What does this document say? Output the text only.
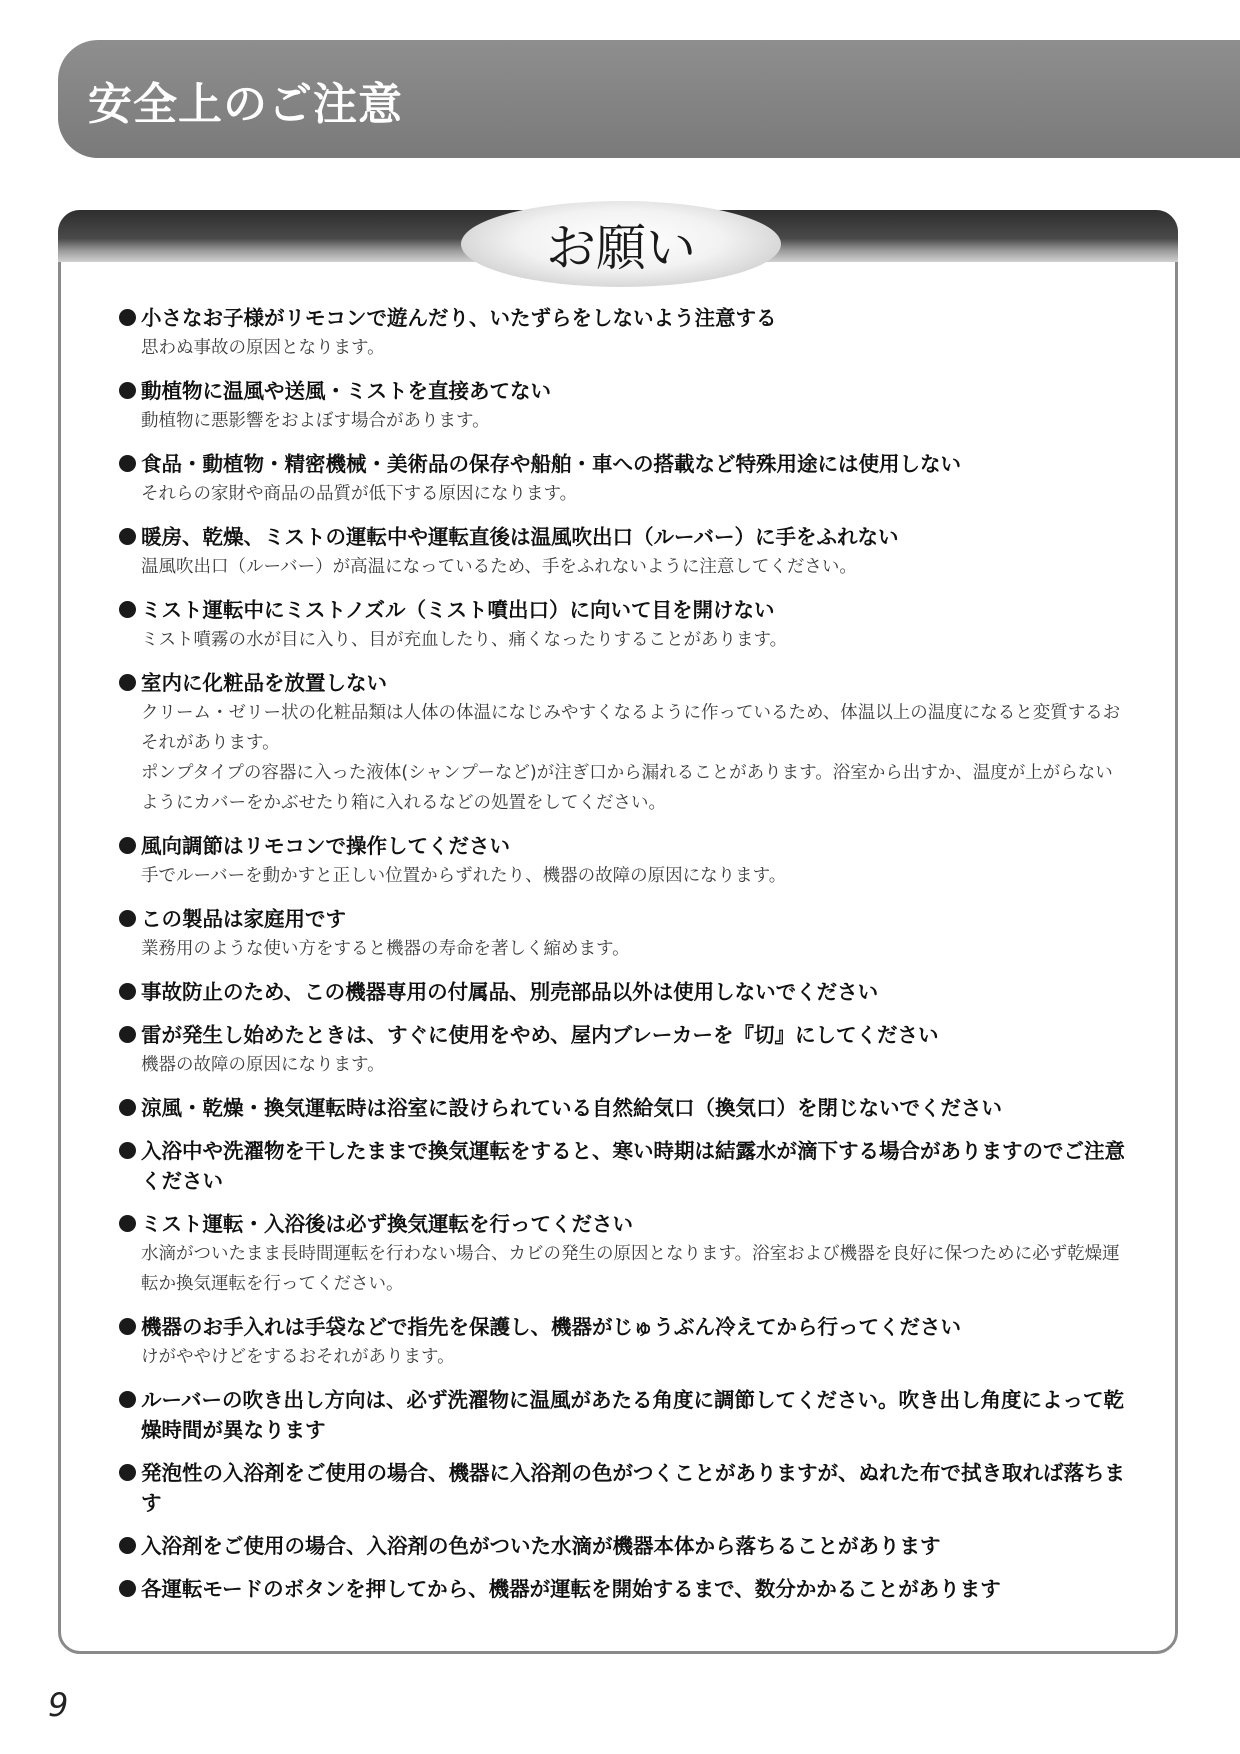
安全上のご注意
お願い
小さなお子様がリモコンで遊んだり、いたずらをしないよう注意する
思わぬ事故の原因となります。
動植物に温風や送風・ミストを直接あてない
動植物に悪影響をおよぼす場合があります。
食品・動植物・精密機械・美術品の保存や船舶・車への搭載など特殊用途には使用しない
それらの家財や商品の品質が低下する原因になります。
暖房、乾燥、ミストの運転中や運転直後は温風吹出口（ルーバー）に手をふれない
温風吹出口（ルーバー）が高温になっているため、手をふれないように注意してください。
ミスト運転中にミストノズル（ミスト噴出口）に向いて目を開けない
ミスト噴霧の水が目に入り、目が充血したり、痛くなったりすることがあります。
室内に化粧品を放置しない
クリーム・ゼリー状の化粧品類は人体の体温になじみやすくなるように作っているため、体温以上の温度になると変質するおそれがあります。
ポンプタイプの容器に入った液体(シャンプーなど)が注ぎ口から漏れることがあります。浴室から出すか、温度が上がらないようにカバーをかぶせたり箱に入れるなどの処置をしてください。
風向調節はリモコンで操作してください
手でルーバーを動かすと正しい位置からずれたり、機器の故障の原因になります。
この製品は家庭用です
業務用のような使い方をすると機器の寿命を著しく縮めます。
事故防止のため、この機器専用の付属品、別売部品以外は使用しないでください
雷が発生し始めたときは、すぐに使用をやめ、屋内ブレーカーを『切』にしてください
機器の故障の原因になります。
涼風・乾燥・換気運転時は浴室に設けられている自然給気口（換気口）を閉じないでください
入浴中や洗濯物を干したままで換気運転をすると、寒い時期は結露水が滴下する場合がありますのでご注意ください
ミスト運転・入浴後は必ず換気運転を行ってください
水滴がついたまま長時間運転を行わない場合、カビの発生の原因となります。浴室および機器を良好に保つために必ず乾燥運転か換気運転を行ってください。
機器のお手入れは手袋などで指先を保護し、機器がじゅうぶん冷えてから行ってください
けがややけどをするおそれがあります。
ルーバーの吹き出し方向は、必ず洗濯物に温風があたる角度に調節してください。吹き出し角度によって乾燥時間が異なります
発泡性の入浴剤をご使用の場合、機器に入浴剤の色がつくことがありますが、ぬれた布で拭き取れば落ちます
入浴剤をご使用の場合、入浴剤の色がついた水滴が機器本体から落ちることがあります
各運転モードのボタンを押してから、機器が運転を開始するまで、数分かかることがあります
9
